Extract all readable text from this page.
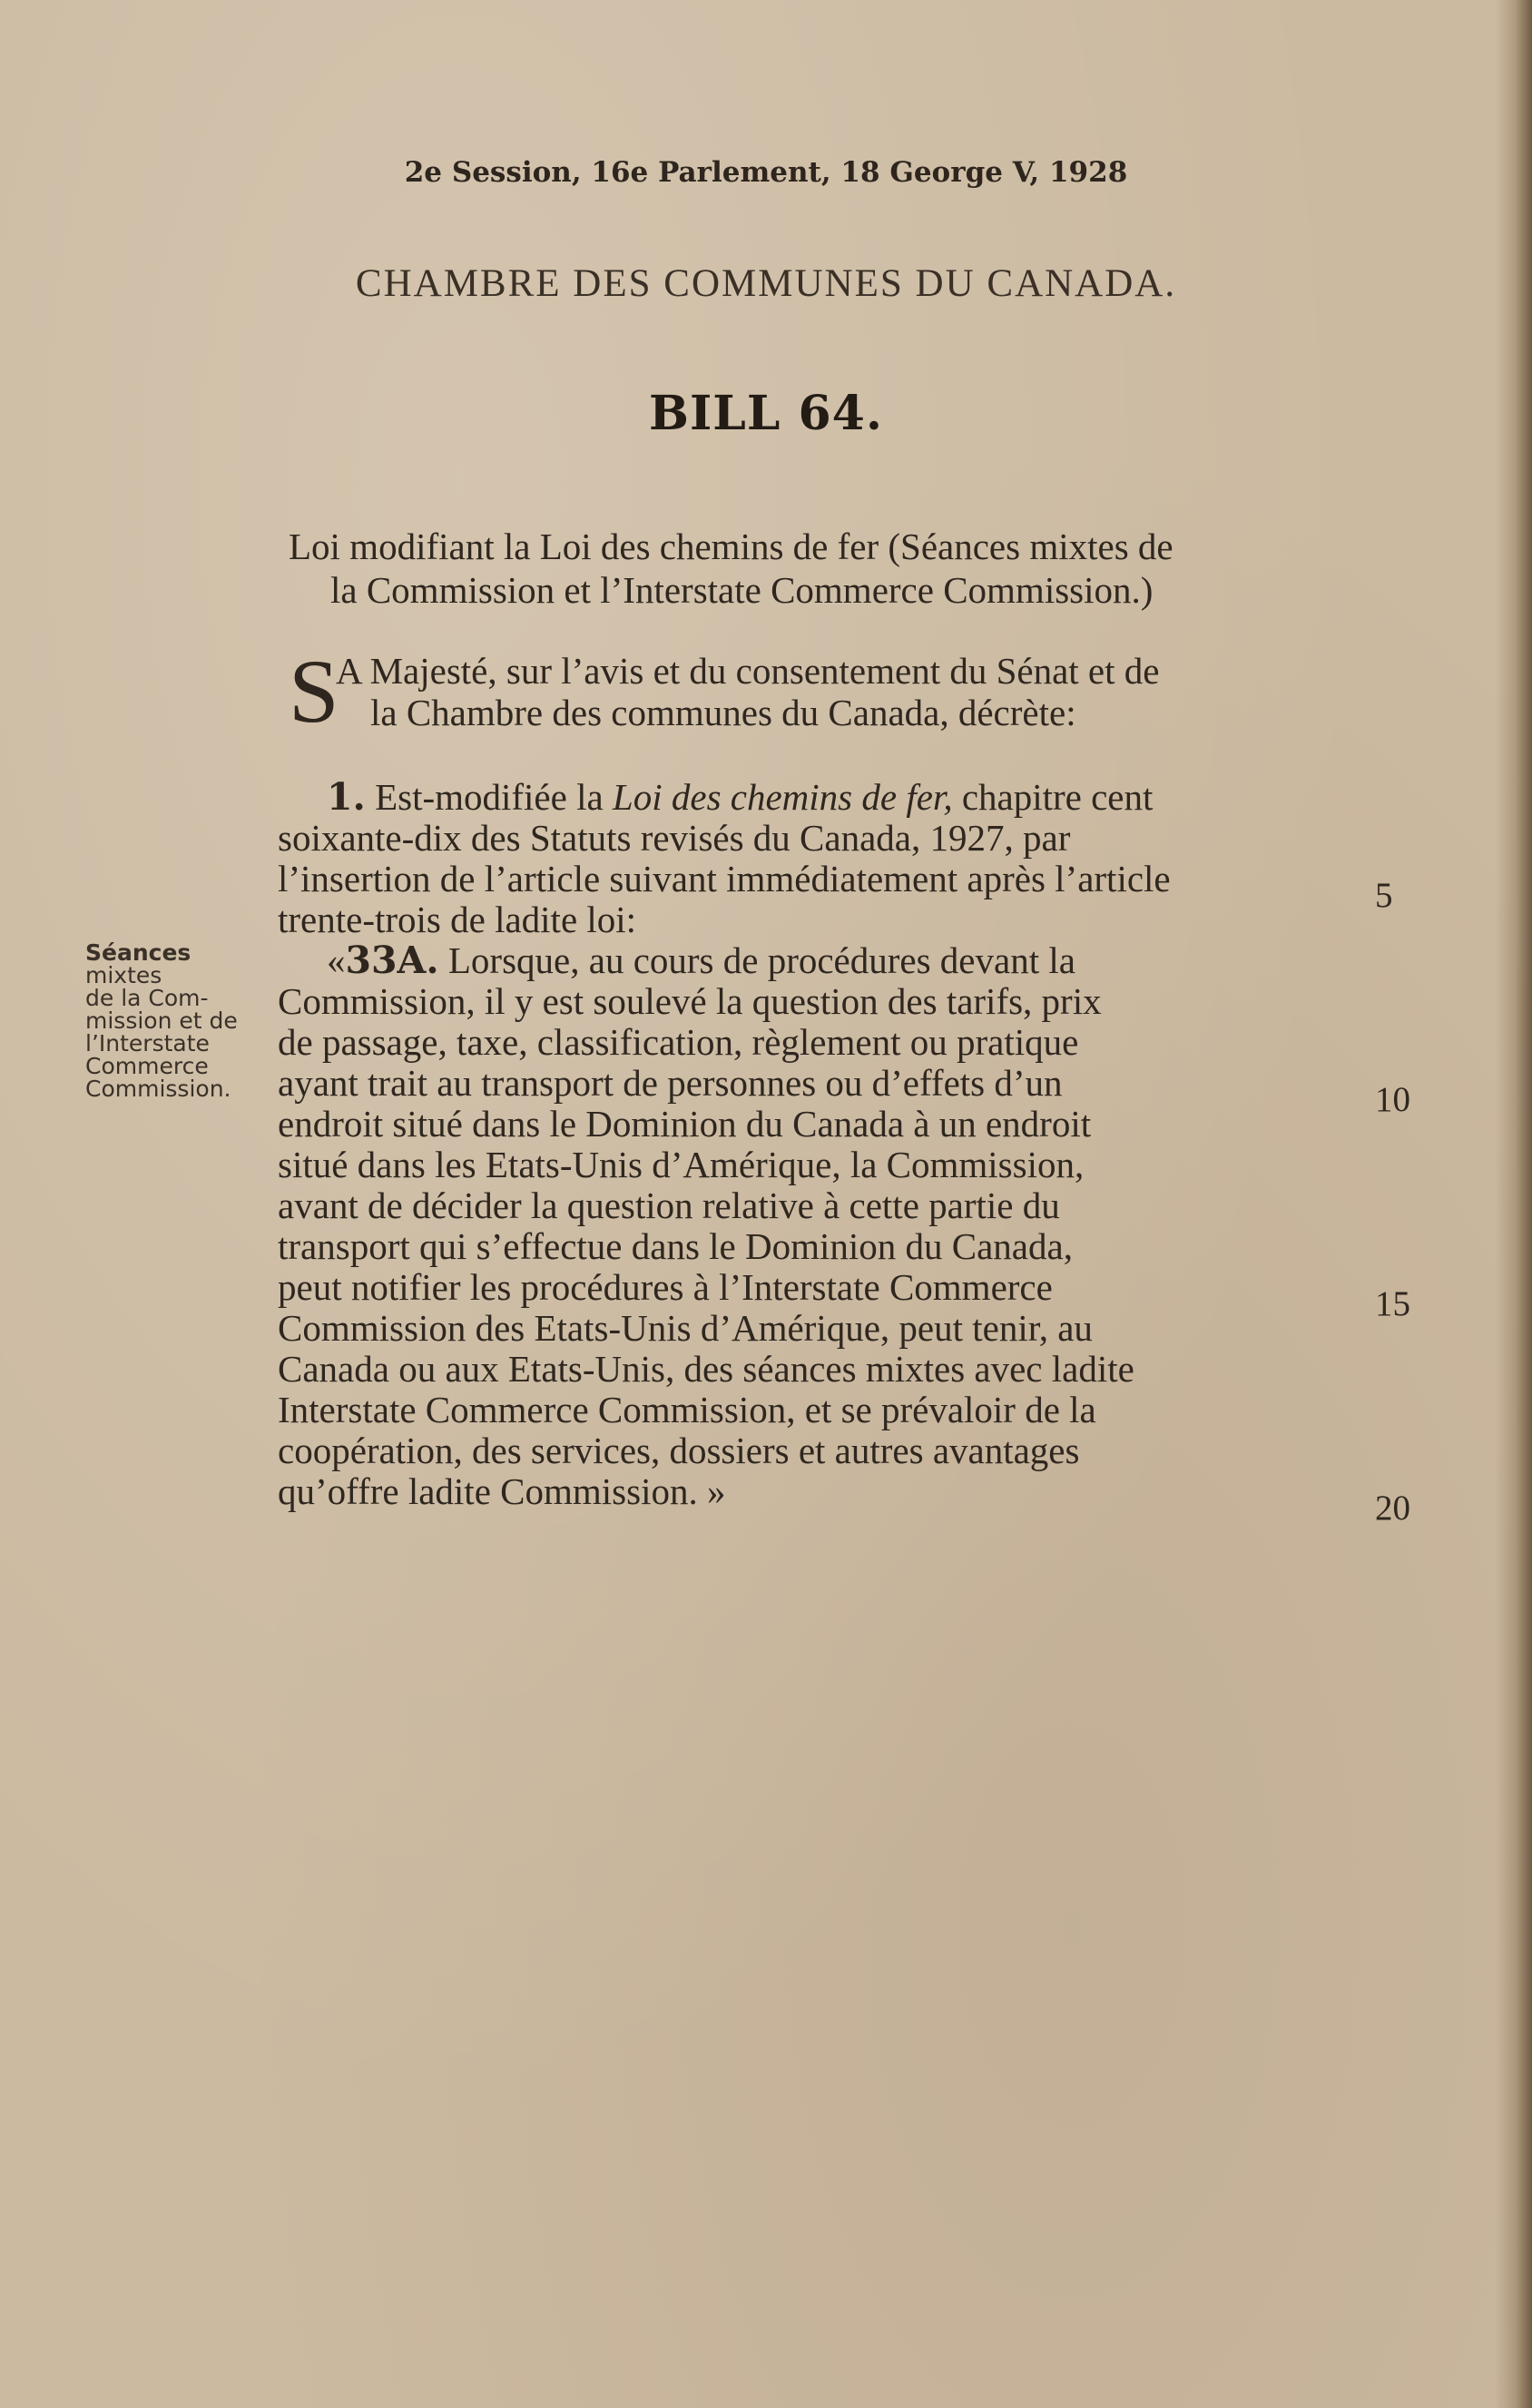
2e Session, 16e Parlement, 18 George V, 1928

CHAMBRE DES COMMUNES DU CANADA.

BILL 64.

Loi modifiant la Loi des chemins de fer (Séances mixtes de
la Commission et l’Interstate Commerce Commission.)
S
A Majesté, sur l’avis et du consentement du Sénat et de
la Chambre des communes du Canada, décrète:
Séances
mixtes
de la Com-
mission et de
l’Interstate
Commerce
Commission.
1. Est-modifiée la Loi des chemins de fer, chapitre cent
soixante-dix des Statuts revisés du Canada, 1927, par
l’insertion de l’article suivant immédiatement après l’article
trente-trois de ladite loi:
«33A. Lorsque, au cours de procédures devant la
Commission, il y est soulevé la question des tarifs, prix
de passage, taxe, classification, règlement ou pratique
ayant trait au transport de personnes ou d’effets d’un
endroit situé dans le Dominion du Canada à un endroit
situé dans les Etats-Unis d’Amérique, la Commission,
avant de décider la question relative à cette partie du
transport qui s’effectue dans le Dominion du Canada,
peut notifier les procédures à l’Interstate Commerce
Commission des Etats-Unis d’Amérique, peut tenir, au
Canada ou aux Etats-Unis, des séances mixtes avec ladite
Interstate Commerce Commission, et se prévaloir de la
coopération, des services, dossiers et autres avantages
qu’offre ladite Commission. »
5
10
15
20
